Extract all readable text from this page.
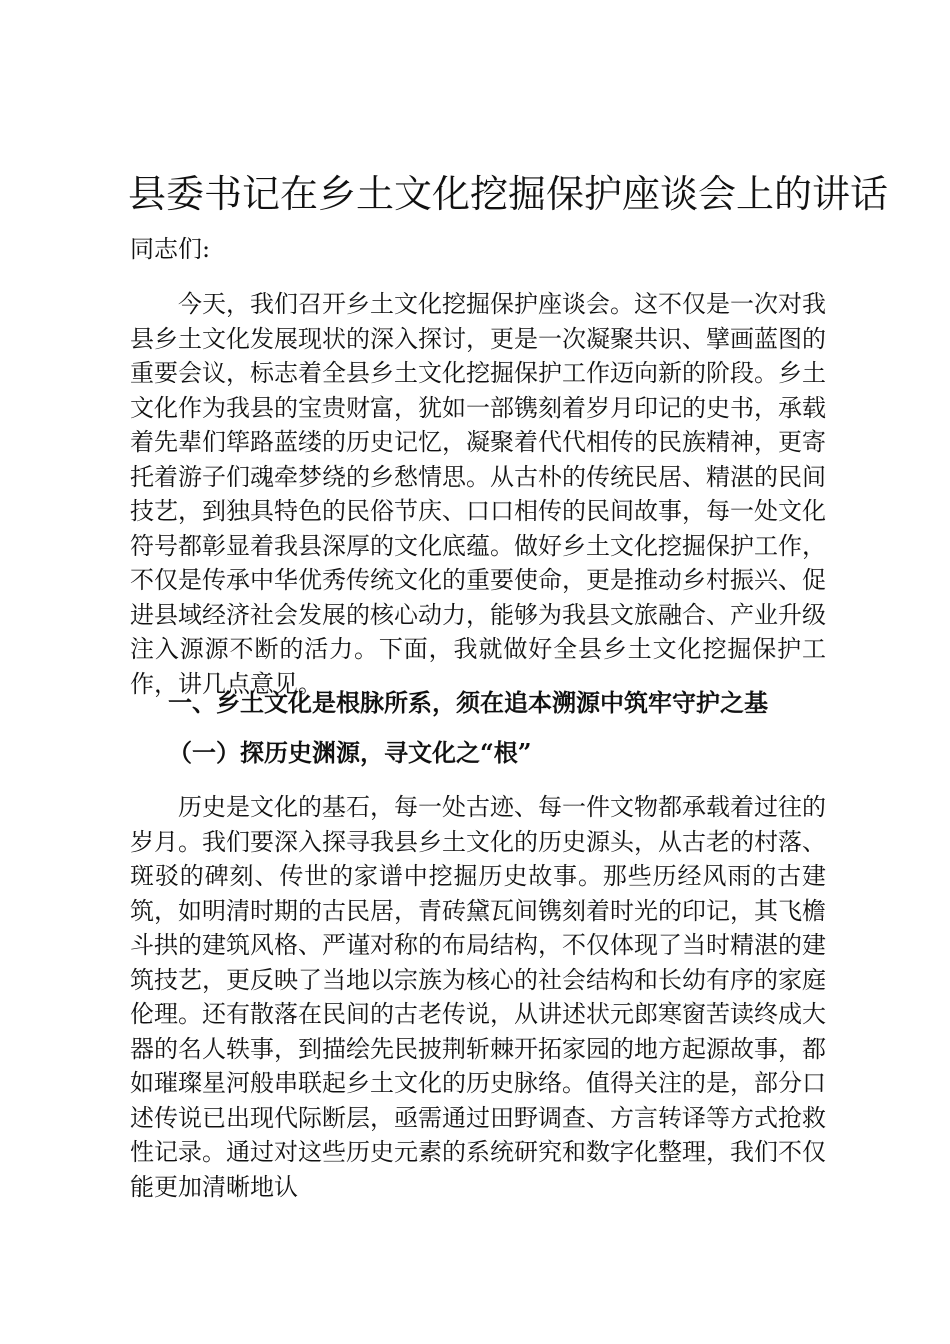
县委书记在乡土文化挖掘保护座谈会上的讲话
同志们:
今天，我们召开乡土文化挖掘保护座谈会。这不仅是一次对我县乡土文化发展现状的深入探讨，更是一次凝聚共识、擘画蓝图的重要会议，标志着全县乡土文化挖掘保护工作迈向新的阶段。乡土文化作为我县的宝贵财富，犹如一部镌刻着岁月印记的史书，承载着先辈们筚路蓝缕的历史记忆，凝聚着代代相传的民族精神，更寄托着游子们魂牵梦绕的乡愁情思。从古朴的传统民居、精湛的民间技艺，到独具特色的民俗节庆、口口相传的民间故事，每一处文化符号都彰显着我县深厚的文化底蕴。做好乡土文化挖掘保护工作，不仅是传承中华优秀传统文化的重要使命，更是推动乡村振兴、促进县域经济社会发展的核心动力，能够为我县文旅融合、产业升级注入源源不断的活力。下面，我就做好全县乡土文化挖掘保护工作，讲几点意见。
一、乡土文化是根脉所系，须在追本溯源中筑牢守护之基
（一）探历史渊源，寻文化之“根”
历史是文化的基石，每一处古迹、每一件文物都承载着过往的岁月。我们要深入探寻我县乡土文化的历史源头，从古老的村落、斑驳的碑刻、传世的家谱中挖掘历史故事。那些历经风雨的古建筑，如明清时期的古民居，青砖黛瓦间镌刻着时光的印记，其飞檐斗拱的建筑风格、严谨对称的布局结构，不仅体现了当时精湛的建筑技艺，更反映了当地以宗族为核心的社会结构和长幼有序的家庭伦理。还有散落在民间的古老传说，从讲述状元郎寒窗苦读终成大器的名人轶事，到描绘先民披荆斩棘开拓家园的地方起源故事，都如璀璨星河般串联起乡土文化的历史脉络。值得关注的是，部分口述传说已出现代际断层，亟需通过田野调查、方言转译等方式抢救性记录。通过对这些历史元素的系统研究和数字化整理，我们不仅能更加清晰地认
